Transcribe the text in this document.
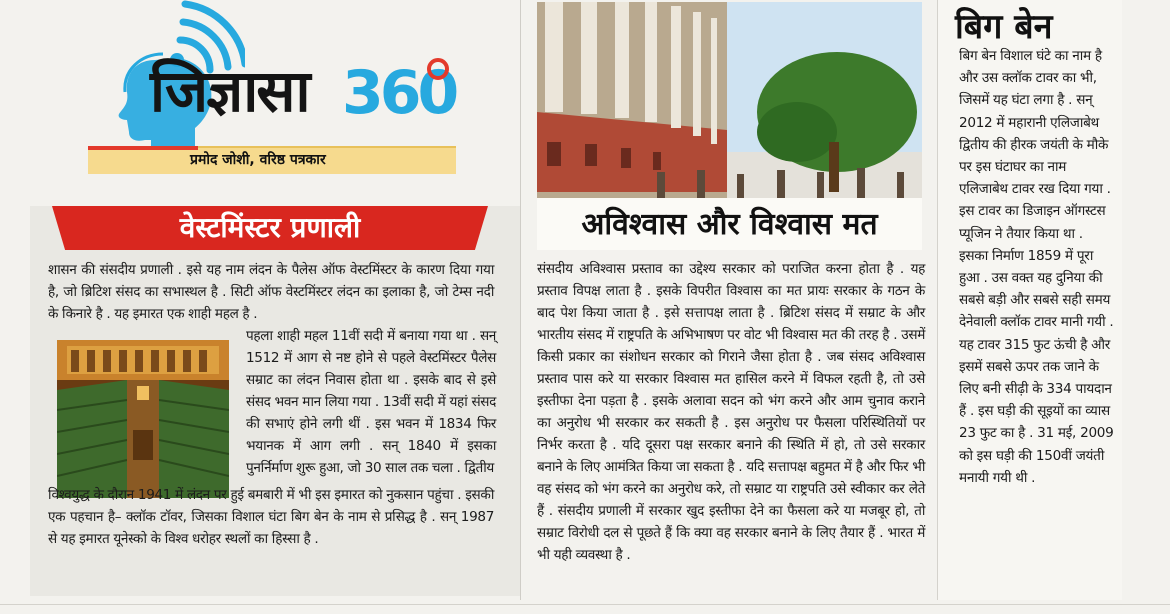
जिज्ञासा 360
प्रमोद जोशी, वरिष्ठ पत्रकार
वेस्टमिंस्टर प्रणाली
शासन की संसदीय प्रणाली . इसे यह नाम लंदन के पैलेस ऑफ वेस्टमिंस्टर के कारण दिया गया है, जो ब्रिटिश संसद का सभास्थल है . सिटी ऑफ वेस्टमिंस्टर लंदन का इलाका है, जो टेम्स नदी के किनारे है . यह इमारत एक शाही महल है .
पहला शाही महल 11वीं सदी में बनाया गया था . सन् 1512 में आग से नष्ट होने से पहले वेस्टमिंस्टर पैलेस सम्राट का लंदन निवास होता था . इसके बाद से इसे संसद भवन मान लिया गया . 13वीं सदी में यहां संसद की सभाएं होने लगी थीं . इस भवन में 1834 फिर भयानक में आग लगी . सन् 1840 में इसका पुनर्निर्माण शुरू हुआ, जो 30 साल तक चला . द्वितीय
विश्वयुद्ध के दौरान 1941 में लंदन पर हुई बमबारी में भी इस इमारत को नुकसान पहुंचा . इसकी एक पहचान है– क्लॉक टॉवर, जिसका विशाल घंटा बिग बेन के नाम से प्रसिद्ध है . सन् 1987 से यह इमारत यूनेस्को के विश्व धरोहर स्थलों का हिस्सा है .
अविश्वास और विश्वास मत
संसदीय अविश्वास प्रस्ताव का उद्देश्य सरकार को पराजित करना होता है . यह प्रस्ताव विपक्ष लाता है . इसके विपरीत विश्वास का मत प्रायः सरकार के गठन के बाद पेश किया जाता है . इसे सत्तापक्ष लाता है . ब्रिटिश संसद में सम्राट के और भारतीय संसद में राष्ट्रपति के अभिभाषण पर वोट भी विश्वास मत की तरह है . उसमें किसी प्रकार का संशोधन सरकार को गिराने जैसा होता है . जब संसद अविश्वास प्रस्ताव पास करे या सरकार विश्वास मत हासिल करने में विफल रहती है, तो उसे इस्तीफा देना पड़ता है . इसके अलावा सदन को भंग करने और आम चुनाव कराने का अनुरोध भी सरकार कर सकती है . इस अनुरोध पर फैसला परिस्थितियों पर निर्भर करता है . यदि दूसरा पक्ष सरकार बनाने की स्थिति में हो, तो उसे सरकार बनाने के लिए आमंत्रित किया जा सकता है . यदि सत्तापक्ष बहुमत में है और फिर भी वह संसद को भंग करने का अनुरोध करे, तो सम्राट या राष्ट्रपति उसे स्वीकार कर लेते हैं . संसदीय प्रणाली में सरकार खुद इस्तीफा देने का फैसला करे या मजबूर हो, तो सम्राट विरोधी दल से पूछते हैं कि क्या वह सरकार बनाने के लिए तैयार हैं . भारत में भी यही व्यवस्था है .
बिग बेन
बिग बेन विशाल घंटे का नाम है और उस क्लॉक टावर का भी, जिसमें यह घंटा लगा है . सन् 2012 में महारानी एलिजाबेथ द्वितीय की हीरक जयंती के मौके पर इस घंटाघर का नाम एलिजाबेथ टावर रख दिया गया . इस टावर का डिजाइन ऑगस्टस प्यूजिन ने तैयार किया था . इसका निर्माण 1859 में पूरा हुआ . उस वक्त यह दुनिया की सबसे बड़ी और सबसे सही समय देनेवाली क्लॉक टावर मानी गयी . यह टावर 315 फुट ऊंची है और इसमें सबसे ऊपर तक जाने के लिए बनी सीढ़ी के 334 पायदान हैं . इस घड़ी की सूइयों का व्यास 23 फुट का है . 31 मई, 2009 को इस घड़ी की 150वीं जयंती मनायी गयी थी .
